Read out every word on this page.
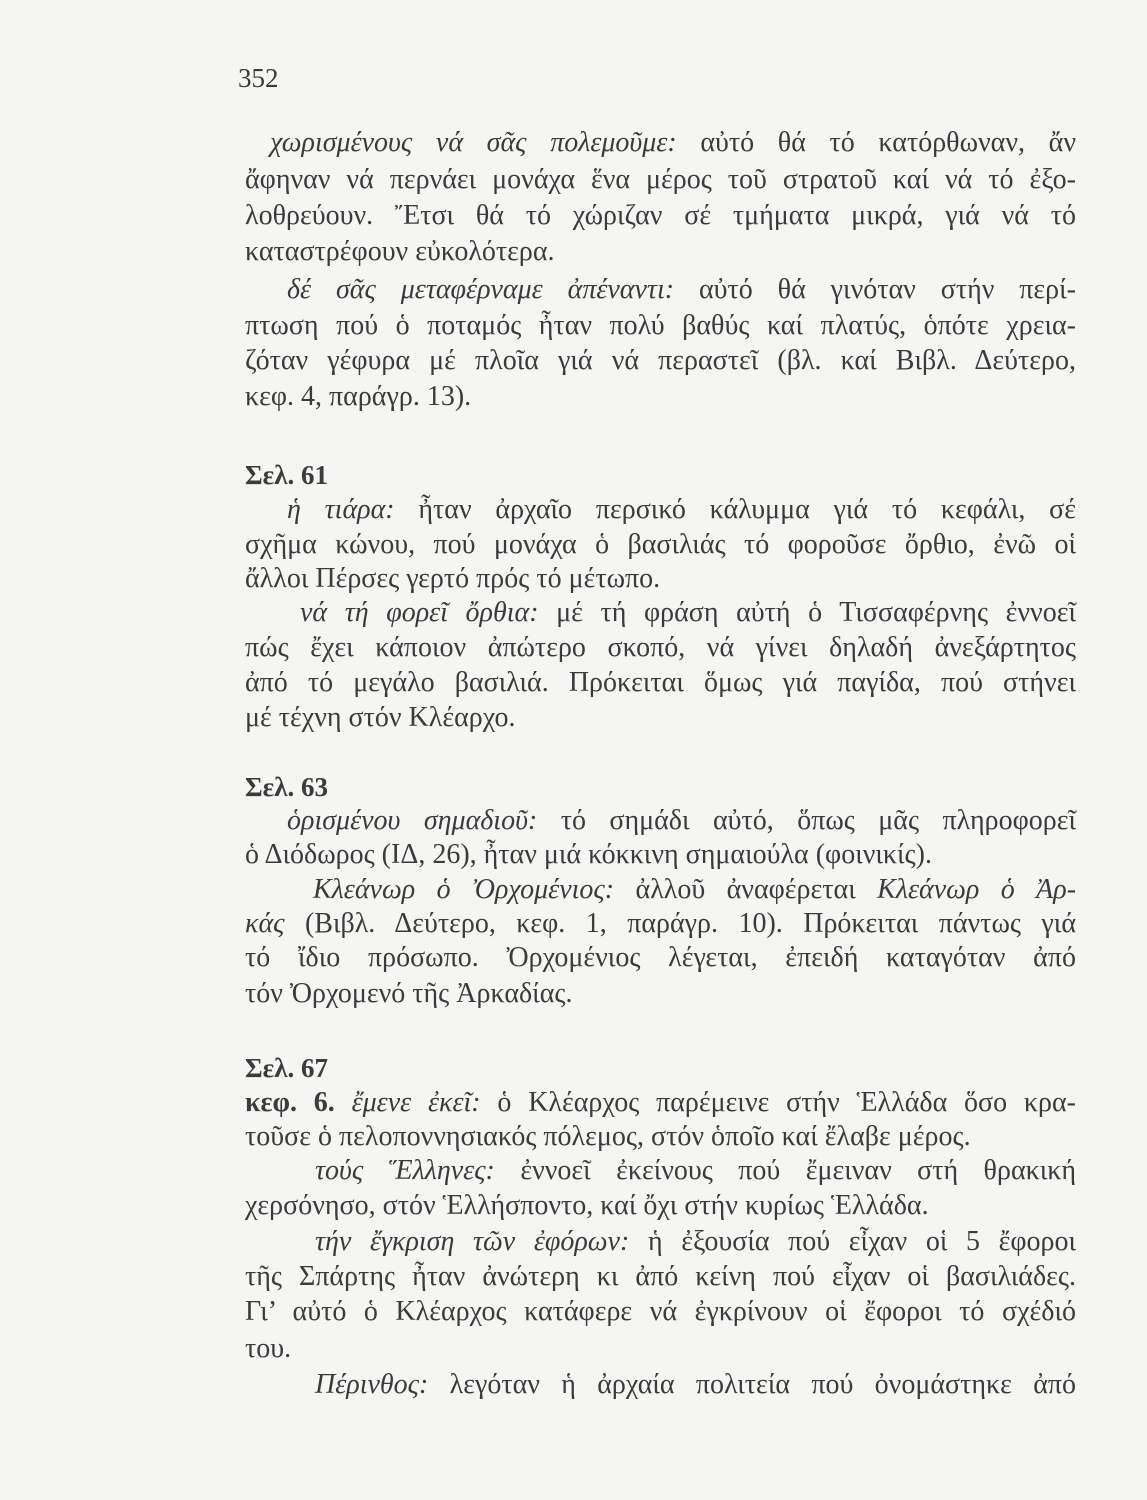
352
χωρισμένους νά σᾶς πολεμοῦμε: αὐτό θά τό κατόρθωναν, ἄν
ἄφηναν νά περνάει μονάχα ἕνα μέρος τοῦ στρατοῦ καί νά τό ἐξο-
λοθρεύουν. Ἔτσι θά τό χώριζαν σέ τμήματα μικρά, γιά νά τό
καταστρέφουν εὐκολότερα.
δέ σᾶς μεταφέρναμε ἀπέναντι: αὐτό θά γινόταν στήν περί-
πτωση πού ὁ ποταμός ἦταν πολύ βαθύς καί πλατύς, ὁπότε χρεια-
ζόταν γέφυρα μέ πλοῖα γιά νά περαστεῖ (βλ. καί Βιβλ. Δεύτερο,
κεφ. 4, παράγρ. 13).
Σελ. 61
ἡ τιάρα: ἦταν ἀρχαῖο περσικό κάλυμμα γιά τό κεφάλι, σέ
σχῆμα κώνου, πού μονάχα ὁ βασιλιάς τό φοροῦσε ὄρθιο, ἐνῶ οἱ
ἄλλοι Πέρσες γερτό πρός τό μέτωπο.
νά τή φορεῖ ὄρθια: μέ τή φράση αὐτή ὁ Τισσαφέρνης ἐννοεῖ
πώς ἔχει κάποιον ἀπώτερο σκοπό, νά γίνει δηλαδή ἀνεξάρτητος
ἀπό τό μεγάλο βασιλιά. Πρόκειται ὅμως γιά παγίδα, πού στήνει
μέ τέχνη στόν Κλέαρχο.
Σελ. 63
ὁρισμένου σημαδιοῦ: τό σημάδι αὐτό, ὅπως μᾶς πληροφορεῖ
ὁ Διόδωρος (ΙΔ, 26), ἦταν μιά κόκκινη σημαιούλα (φοινικίς).
Κλεάνωρ ὁ Ὀρχομένιος: ἀλλοῦ ἀναφέρεται Κλεάνωρ ὁ Ἀρ-
κάς (Βιβλ. Δεύτερο, κεφ. 1, παράγρ. 10). Πρόκειται πάντως γιά
τό ἴδιο πρόσωπο. Ὀρχομένιος λέγεται, ἐπειδή καταγόταν ἀπό
τόν Ὀρχομενό τῆς Ἀρκαδίας.
Σελ. 67
κεφ. 6. ἔμενε ἐκεῖ: ὁ Κλέαρχος παρέμεινε στήν Ἑλλάδα ὅσο κρα-
τοῦσε ὁ πελοποννησιακός πόλεμος, στόν ὁποῖο καί ἔλαβε μέρος.
τούς Ἕλληνες: ἐννοεῖ ἐκείνους πού ἔμειναν στή θρακική
χερσόνησο, στόν Ἑλλήσποντο, καί ὄχι στήν κυρίως Ἑλλάδα.
τήν ἔγκριση τῶν ἐφόρων: ἡ ἐξουσία πού εἶχαν οἱ 5 ἔφοροι
τῆς Σπάρτης ἦταν ἀνώτερη κι ἀπό κείνη πού εἶχαν οἱ βασιλιάδες.
Γι’ αὐτό ὁ Κλέαρχος κατάφερε νά ἐγκρίνουν οἱ ἔφοροι τό σχέδιό
του.
Πέρινθος: λεγόταν ἡ ἀρχαία πολιτεία πού ὀνομάστηκε ἀπό
